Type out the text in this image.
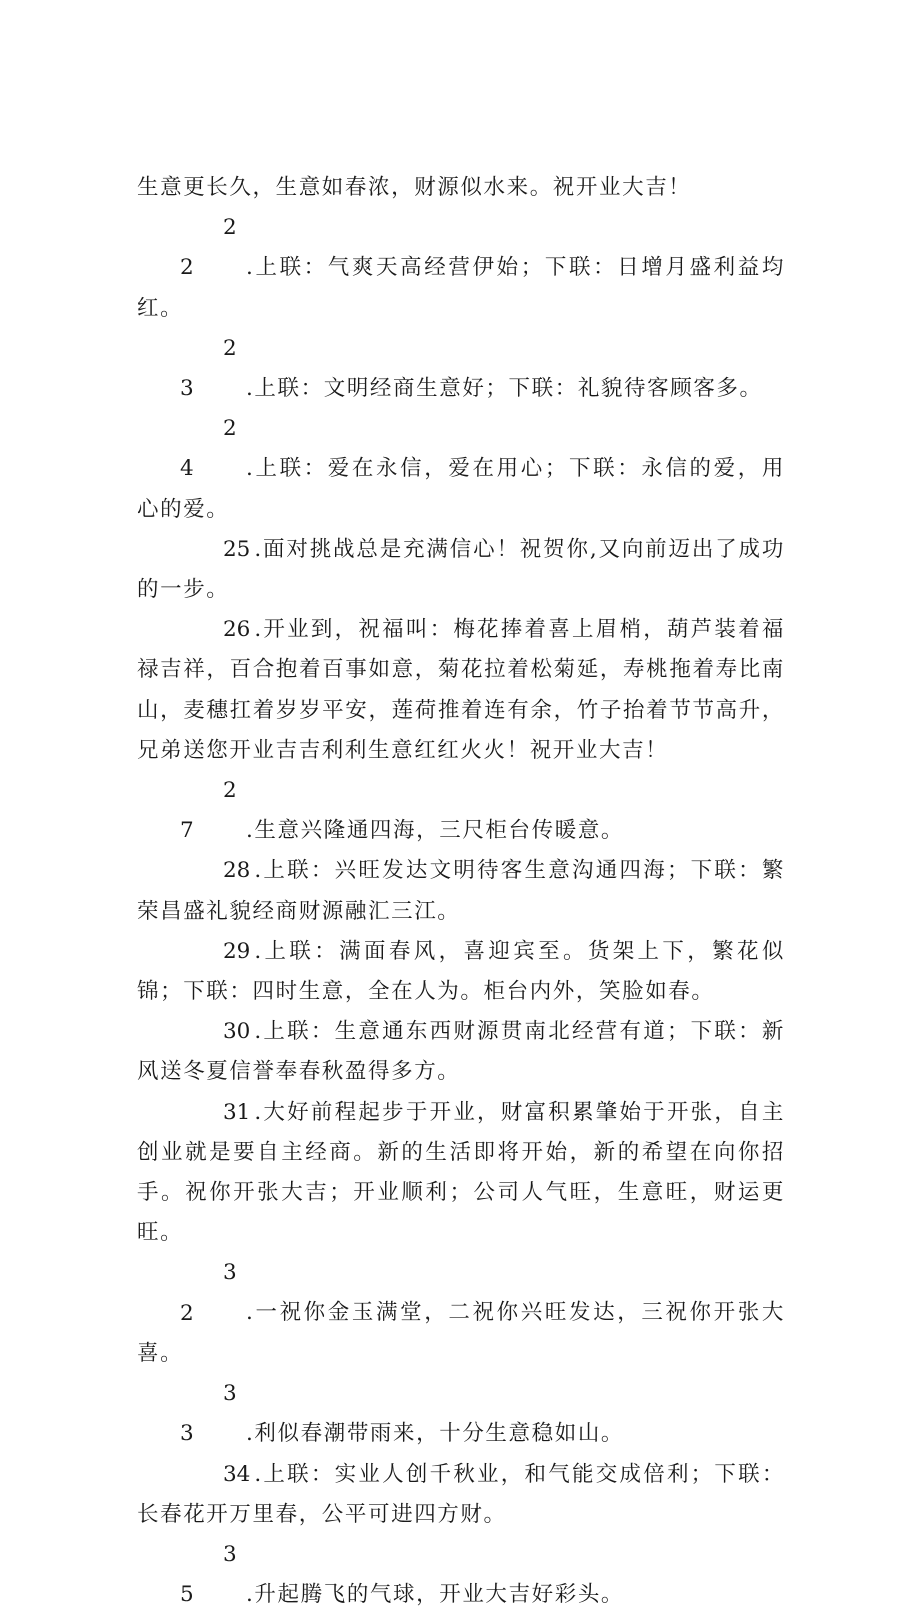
生意更长久，生意如春浓，财源似水来。祝开业大吉！

22 .上联：气爽天高经营伊始；下联：日增月盛利益均红。

23 .上联：文明经商生意好；下联：礼貌待客顾客多。

24 .上联：爱在永信，爱在用心；下联：永信的爱，用心的爱。

25 .面对挑战总是充满信心！祝贺你,又向前迈出了成功的一步。

26 .开业到，祝福叫：梅花捧着喜上眉梢，葫芦装着福禄吉祥，百合抱着百事如意，菊花拉着松菊延，寿桃拖着寿比南山，麦穗扛着岁岁平安，莲荷推着连有余，竹子抬着节节高升，兄弟送您开业吉吉利利生意红红火火！祝开业大吉！

27 .生意兴隆通四海，三尺柜台传暖意。

28 .上联：兴旺发达文明待客生意沟通四海；下联：繁荣昌盛礼貌经商财源融汇三江。

29 .上联：满面春风，喜迎宾至。货架上下，繁花似锦；下联：四时生意，全在人为。柜台内外，笑脸如春。

30 .上联：生意通东西财源贯南北经营有道；下联：新风送冬夏信誉奉春秋盈得多方。

31 .大好前程起步于开业，财富积累肇始于开张，自主创业就是要自主经商。新的生活即将开始，新的希望在向你招手。祝你开张大吉；开业顺利；公司人气旺，生意旺，财运更旺。

32 .一祝你金玉满堂，二祝你兴旺发达，三祝你开张大喜。

33 .利似春潮带雨来，十分生意稳如山。

34 .上联：实业人创千秋业，和气能交成倍利；下联：长春花开万里春，公平可进四方财。

35 .升起腾飞的气球，开业大吉好彩头。
